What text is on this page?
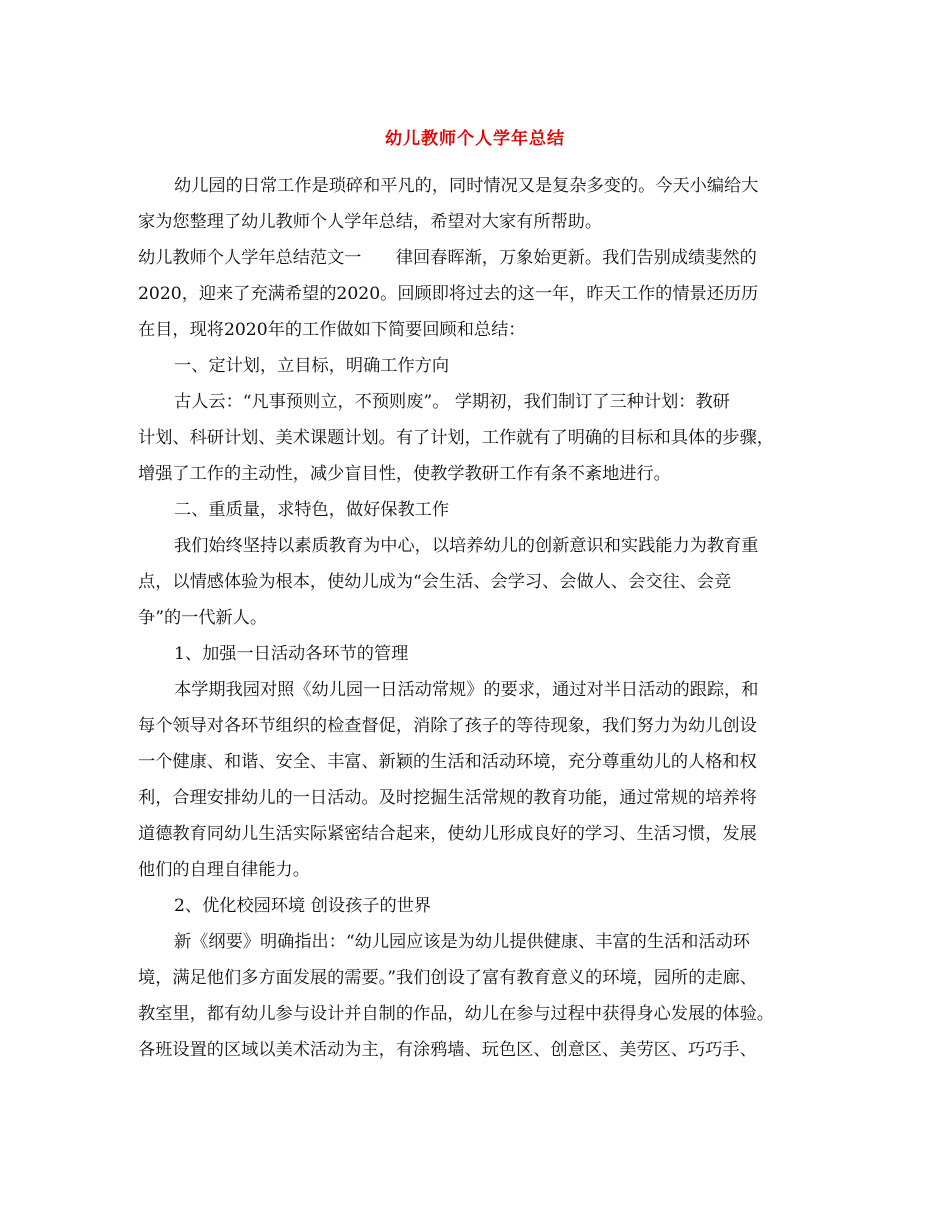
幼儿教师个人学年总结
幼儿园的日常工作是琐碎和平凡的，同时情况又是复杂多变的。今天小编给大
家为您整理了幼儿教师个人学年总结，希望对大家有所帮助。
幼儿教师个人学年总结范文一　　律回春晖渐，万象始更新。我们告别成绩斐然的
2020，迎来了充满希望的2020。回顾即将过去的这一年，昨天工作的情景还历历
在目，现将2020年的工作做如下简要回顾和总结：
一、定计划，立目标，明确工作方向
古人云：“凡事预则立，不预则废”。 学期初，我们制订了三种计划：教研
计划、科研计划、美术课题计划。有了计划，工作就有了明确的目标和具体的步骤，
增强了工作的主动性，减少盲目性，使教学教研工作有条不紊地进行。
二、重质量，求特色，做好保教工作
我们始终坚持以素质教育为中心，以培养幼儿的创新意识和实践能力为教育重
点，以情感体验为根本，使幼儿成为“会生活、会学习、会做人、会交往、会竞
争”的一代新人。
1、加强一日活动各环节的管理
本学期我园对照《幼儿园一日活动常规》的要求，通过对半日活动的跟踪，和
每个领导对各环节组织的检查督促，消除了孩子的等待现象，我们努力为幼儿创设
一个健康、和谐、安全、丰富、新颖的生活和活动环境，充分尊重幼儿的人格和权
利，合理安排幼儿的一日活动。及时挖掘生活常规的教育功能，通过常规的培养将
道德教育同幼儿生活实际紧密结合起来，使幼儿形成良好的学习、生活习惯，发展
他们的自理自律能力。
2、优化校园环境 创设孩子的世界
新《纲要》明确指出：“幼儿园应该是为幼儿提供健康、丰富的生活和活动环
境，满足他们多方面发展的需要。”我们创设了富有教育意义的环境，园所的走廊、
教室里，都有幼儿参与设计并自制的作品，幼儿在参与过程中获得身心发展的体验。
各班设置的区域以美术活动为主，有涂鸦墙、玩色区、创意区、美劳区、巧巧手、
